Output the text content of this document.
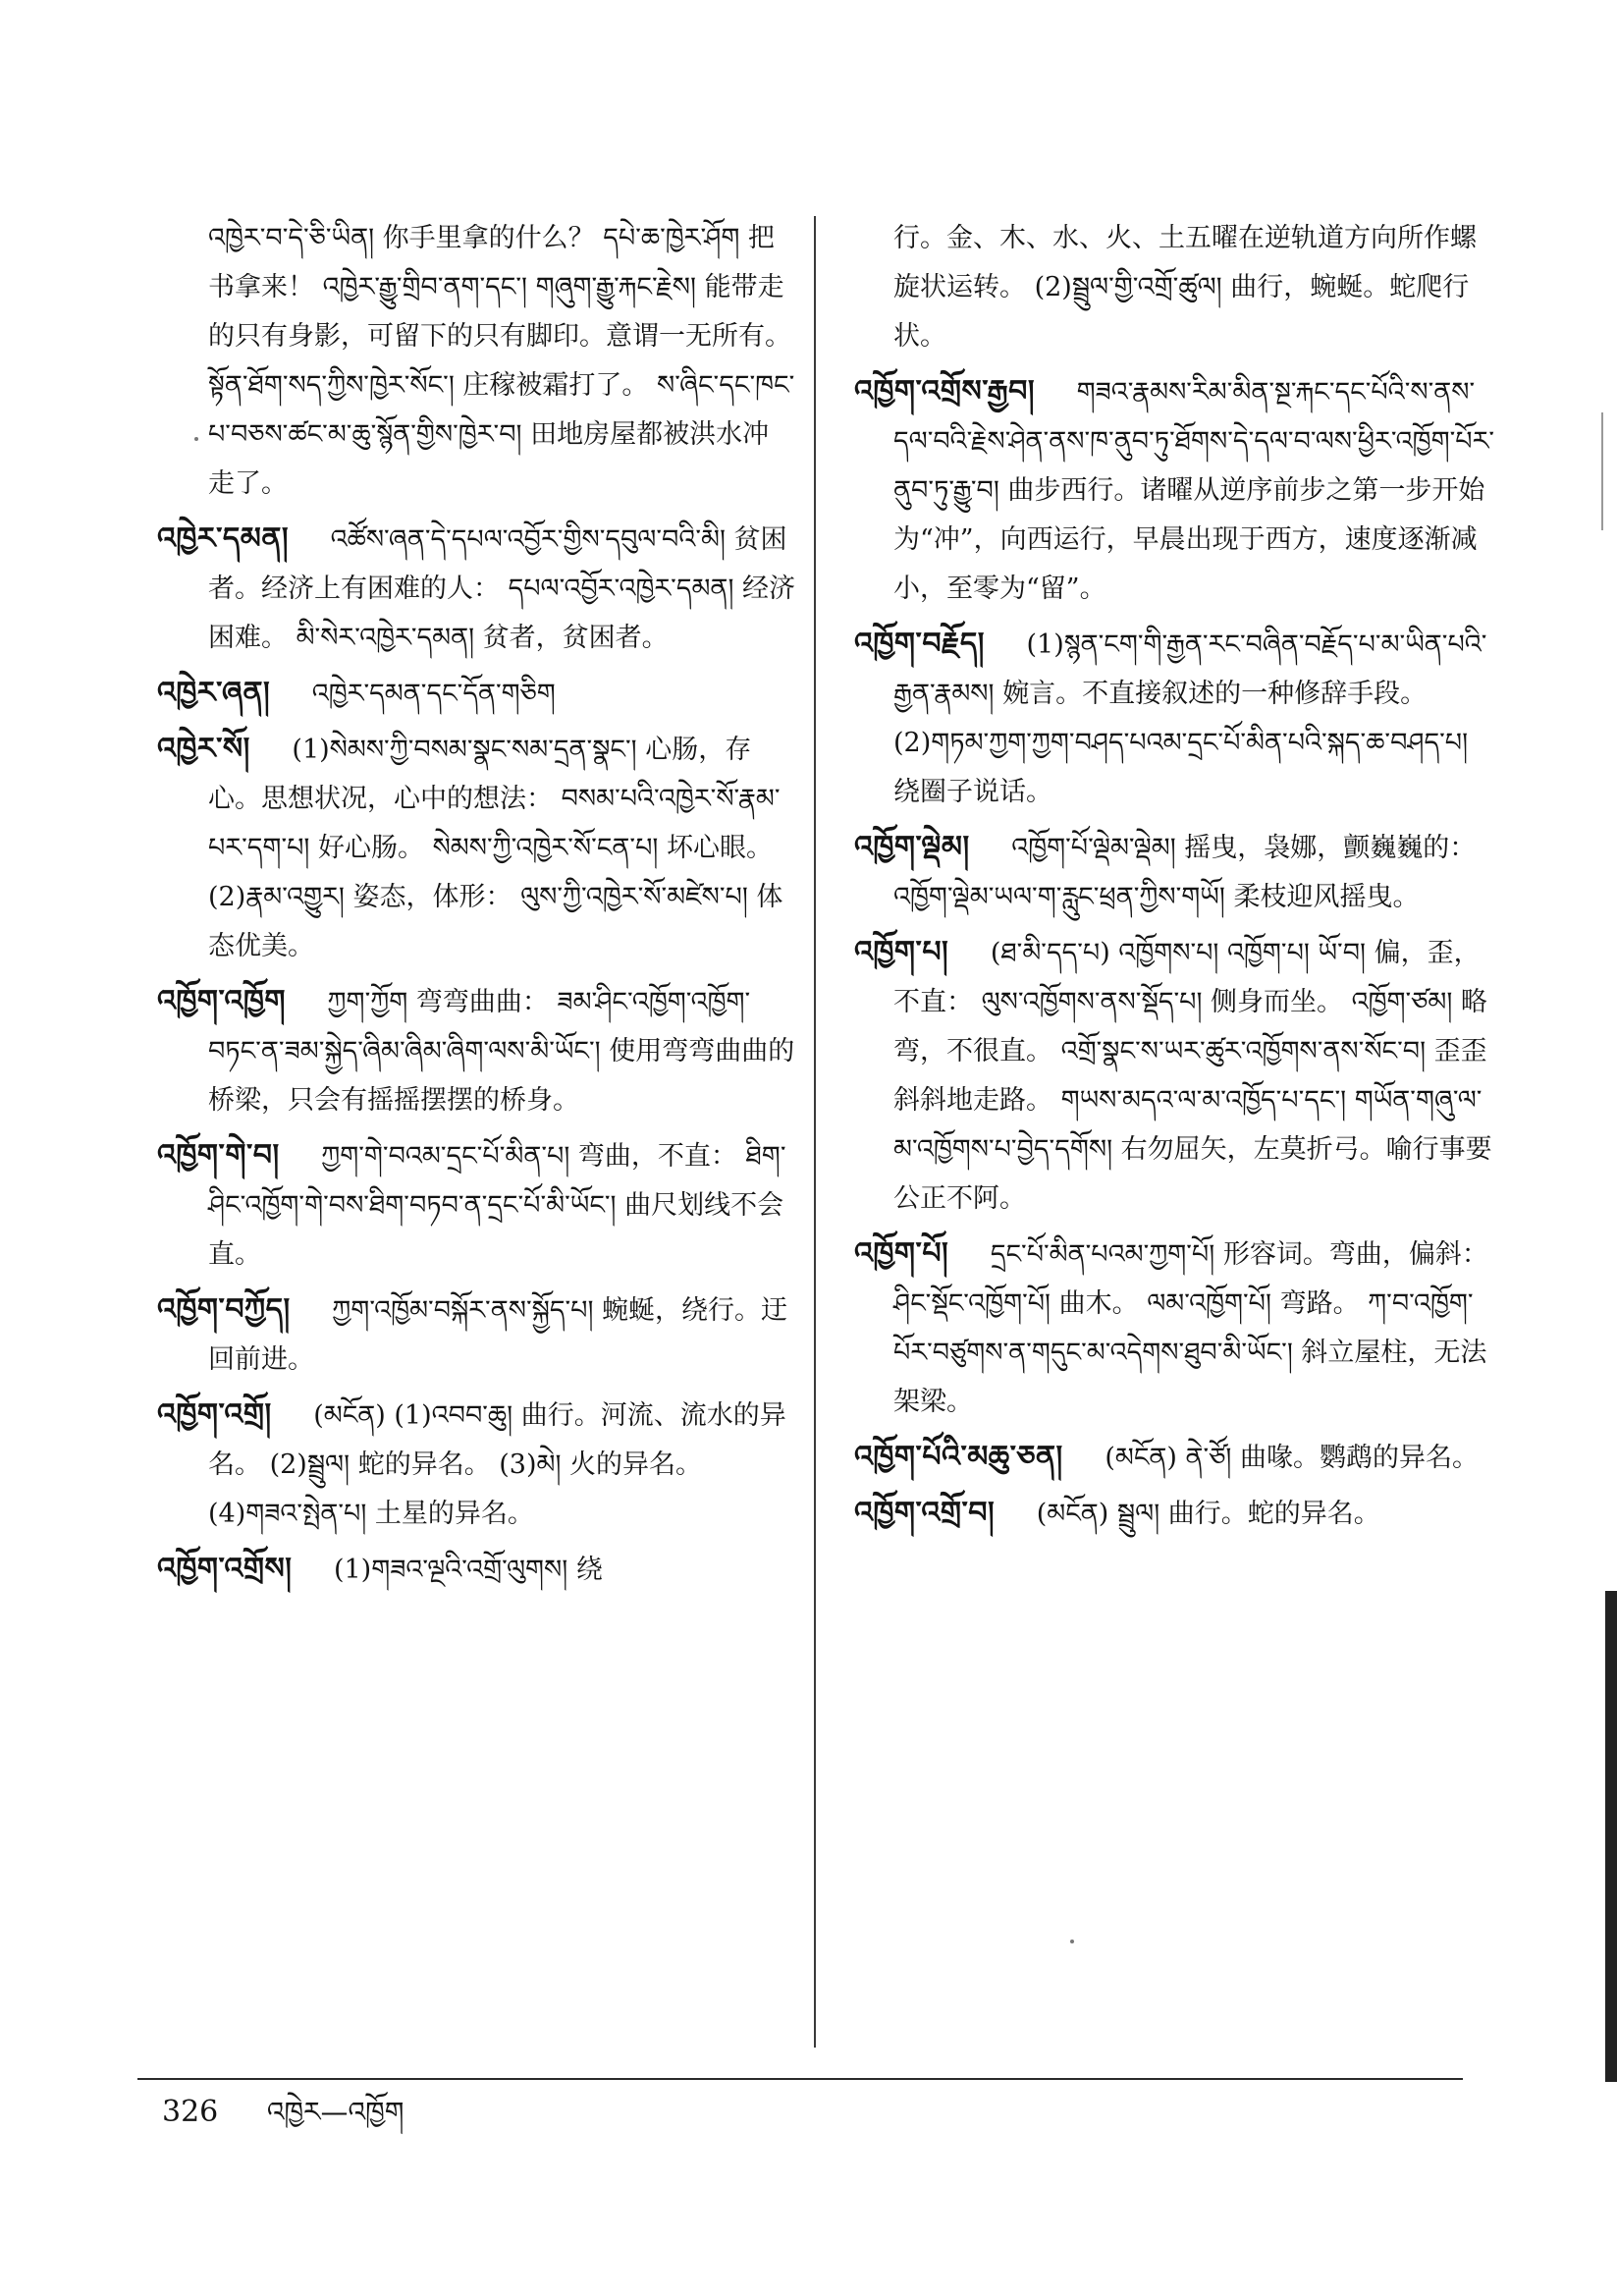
འཁྱེར་བ་དེ་ཅི་ཡིན། 你手里拿的什么？ དཔེ་ཆ་ཁྱེར་ཤོག 把书拿来！ འཁྱེར་རྒྱུ་གྲིབ་ནག་དང་། གཞུག་རྒྱུ་རྐང་རྗེས། 能带走的只有身影，可留下的只有脚印。意谓一无所有。 སྟོན་ཐོག་སད་ཀྱིས་ཁྱེར་སོང་། 庄稼被霜打了。 ས་ཞིང་དང་ཁང་པ་བཅས་ཚང་མ་ཆུ་སྙོན་གྱིས་ཁྱེར་བ། 田地房屋都被洪水冲走了。
འཁྱེར་དམན། འཚོས་ཞན་དེ་དཔལ་འབྱོར་གྱིས་དབུལ་བའི་མི། 贫困者。经济上有困难的人： དཔལ་འབྱོར་འཁྱེར་དམན། 经济困难。 མི་སེར་འཁྱེར་དམན། 贫者，贫困者。
འཁྱེར་ཞན། འཁྱེར་དམན་དང་དོན་གཅིག
འཁྱེར་སོ། (1)སེམས་ཀྱི་བསམ་སྣང་སམ་དྲན་སྣང་། 心肠，存心。思想状况，心中的想法： བསམ་པའི་འཁྱེར་སོ་རྣམ་པར་དག་པ། 好心肠。 སེམས་ཀྱི་འཁྱེར་སོ་ངན་པ། 坏心眼。 (2)རྣམ་འགྱུར། 姿态，体形： ལུས་ཀྱི་འཁྱེར་སོ་མཛེས་པ། 体态优美。
འཁྱོག་འཁྱོག ཀྱག་ཀྱོག 弯弯曲曲： ཟམ་ཤིང་འཁྱོག་འཁྱོག་བཏང་ན་ཟམ་སྐྱེད་ཞིམ་ཞིམ་ཞིག་ལས་མི་ཡོང་། 使用弯弯曲曲的桥梁，只会有摇摇摆摆的桥身。
འཁྱོག་གེ་བ། ཀྱག་གེ་བའམ་དྲང་པོ་མིན་པ། 弯曲，不直： ཐིག་ཤིང་འཁྱོག་གེ་བས་ཐིག་བཏབ་ན་དྲང་པོ་མི་ཡོང་། 曲尺划线不会直。
འཁྱོག་བཀྱོད། ཀྱག་འཁྱོམ་བསྐོར་ནས་སྐྱོད་པ། 蜿蜒，绕行。迂回前进。
འཁྱོག་འགྲོ། (མངོན) (1)འབབ་ཆུ། 曲行。河流、流水的异名。 (2)སྦྲུལ། 蛇的异名。 (3)མེ། 火的异名。 (4)གཟའ་སྤེན་པ། 土星的异名。
འཁྱོག་འགྲོས། (1)གཟའ་ལྔའི་འགྲོ་ལུགས། 绕
行。金、木、水、火、土五曜在逆轨道方向所作螺旋状运转。 (2)སྦྲུལ་གྱི་འགྲོ་ཚུལ། 曲行，蜿蜒。蛇爬行状。
འཁྱོག་འགྲོས་རྒྱབ། གཟའ་རྣམས་རིམ་མིན་སྔ་རྐང་དང་པོའི་ས་ནས་དལ་བའི་རྗེས་ཤེན་ནས་ཁ་ནུབ་ཏུ་ཐོགས་དེ་དལ་བ་ལས་ཕྱིར་འཁྱོག་པོར་ནུབ་ཏུ་རྒྱུ་བ། 曲步西行。诸曜从逆序前步之第一步开始为“冲”，向西运行，早晨出现于西方，速度逐渐减小，至零为“留”。
འཁྱོག་བརྗོད། (1)སྙན་ངག་གི་རྒྱན་རང་བཞིན་བརྗོད་པ་མ་ཡིན་པའི་རྒྱན་རྣམས། 婉言。不直接叙述的一种修辞手段。 (2)གཏམ་ཀྱག་ཀྱག་བཤད་པའམ་དྲང་པོ་མིན་པའི་སྐད་ཆ་བཤད་པ། 绕圈子说话。
འཁྱོག་ལྡེམ། འཁྱོག་པོ་ལྡེམ་ལྡེམ། 摇曳，袅娜，颤巍巍的： འཁྱོག་ལྡེམ་ཡལ་ག་རླུང་ཕྲན་ཀྱིས་གཡོ། 柔枝迎风摇曳。
འཁྱོག་པ། (ཐ་མི་དད་པ) འཁྱོགས་པ། འཁྱོག་པ། ཡོ་བ། 偏，歪，不直： ལུས་འཁྱོགས་ནས་སྡོད་པ། 侧身而坐。 འཁྱོག་ཙམ། 略弯，不很直。 འགྲོ་སྣང་ས་ཡར་ཚུར་འཁྱོགས་ནས་སོང་བ། 歪歪斜斜地走路。 གཡས་མདའ་ལ་མ་འཁྱོད་པ་དང་། གཡོན་གཞུ་ལ་མ་འཁྱོགས་པ་བྱེད་དགོས། 右勿屈矢，左莫折弓。喻行事要公正不阿。
འཁྱོག་པོ། དྲང་པོ་མིན་པའམ་ཀྱག་པོ། 形容词。弯曲，偏斜： ཤིང་སྡོང་འཁྱོག་པོ། 曲木。 ལམ་འཁྱོག་པོ། 弯路。 ཀ་བ་འཁྱོག་པོར་བཙུགས་ན་གདུང་མ་འདེགས་ཐུབ་མི་ཡོང་། 斜立屋柱，无法架梁。
འཁྱོག་པོའི་མཆུ་ཅན། (མངོན) ནེ་ཙོ། 曲喙。鹦鹉的异名。
འཁྱོག་འགྲོ་བ། (མངོན) སྦྲུལ། 曲行。蛇的异名。
326 འཁྱེར—འཁྱོག
